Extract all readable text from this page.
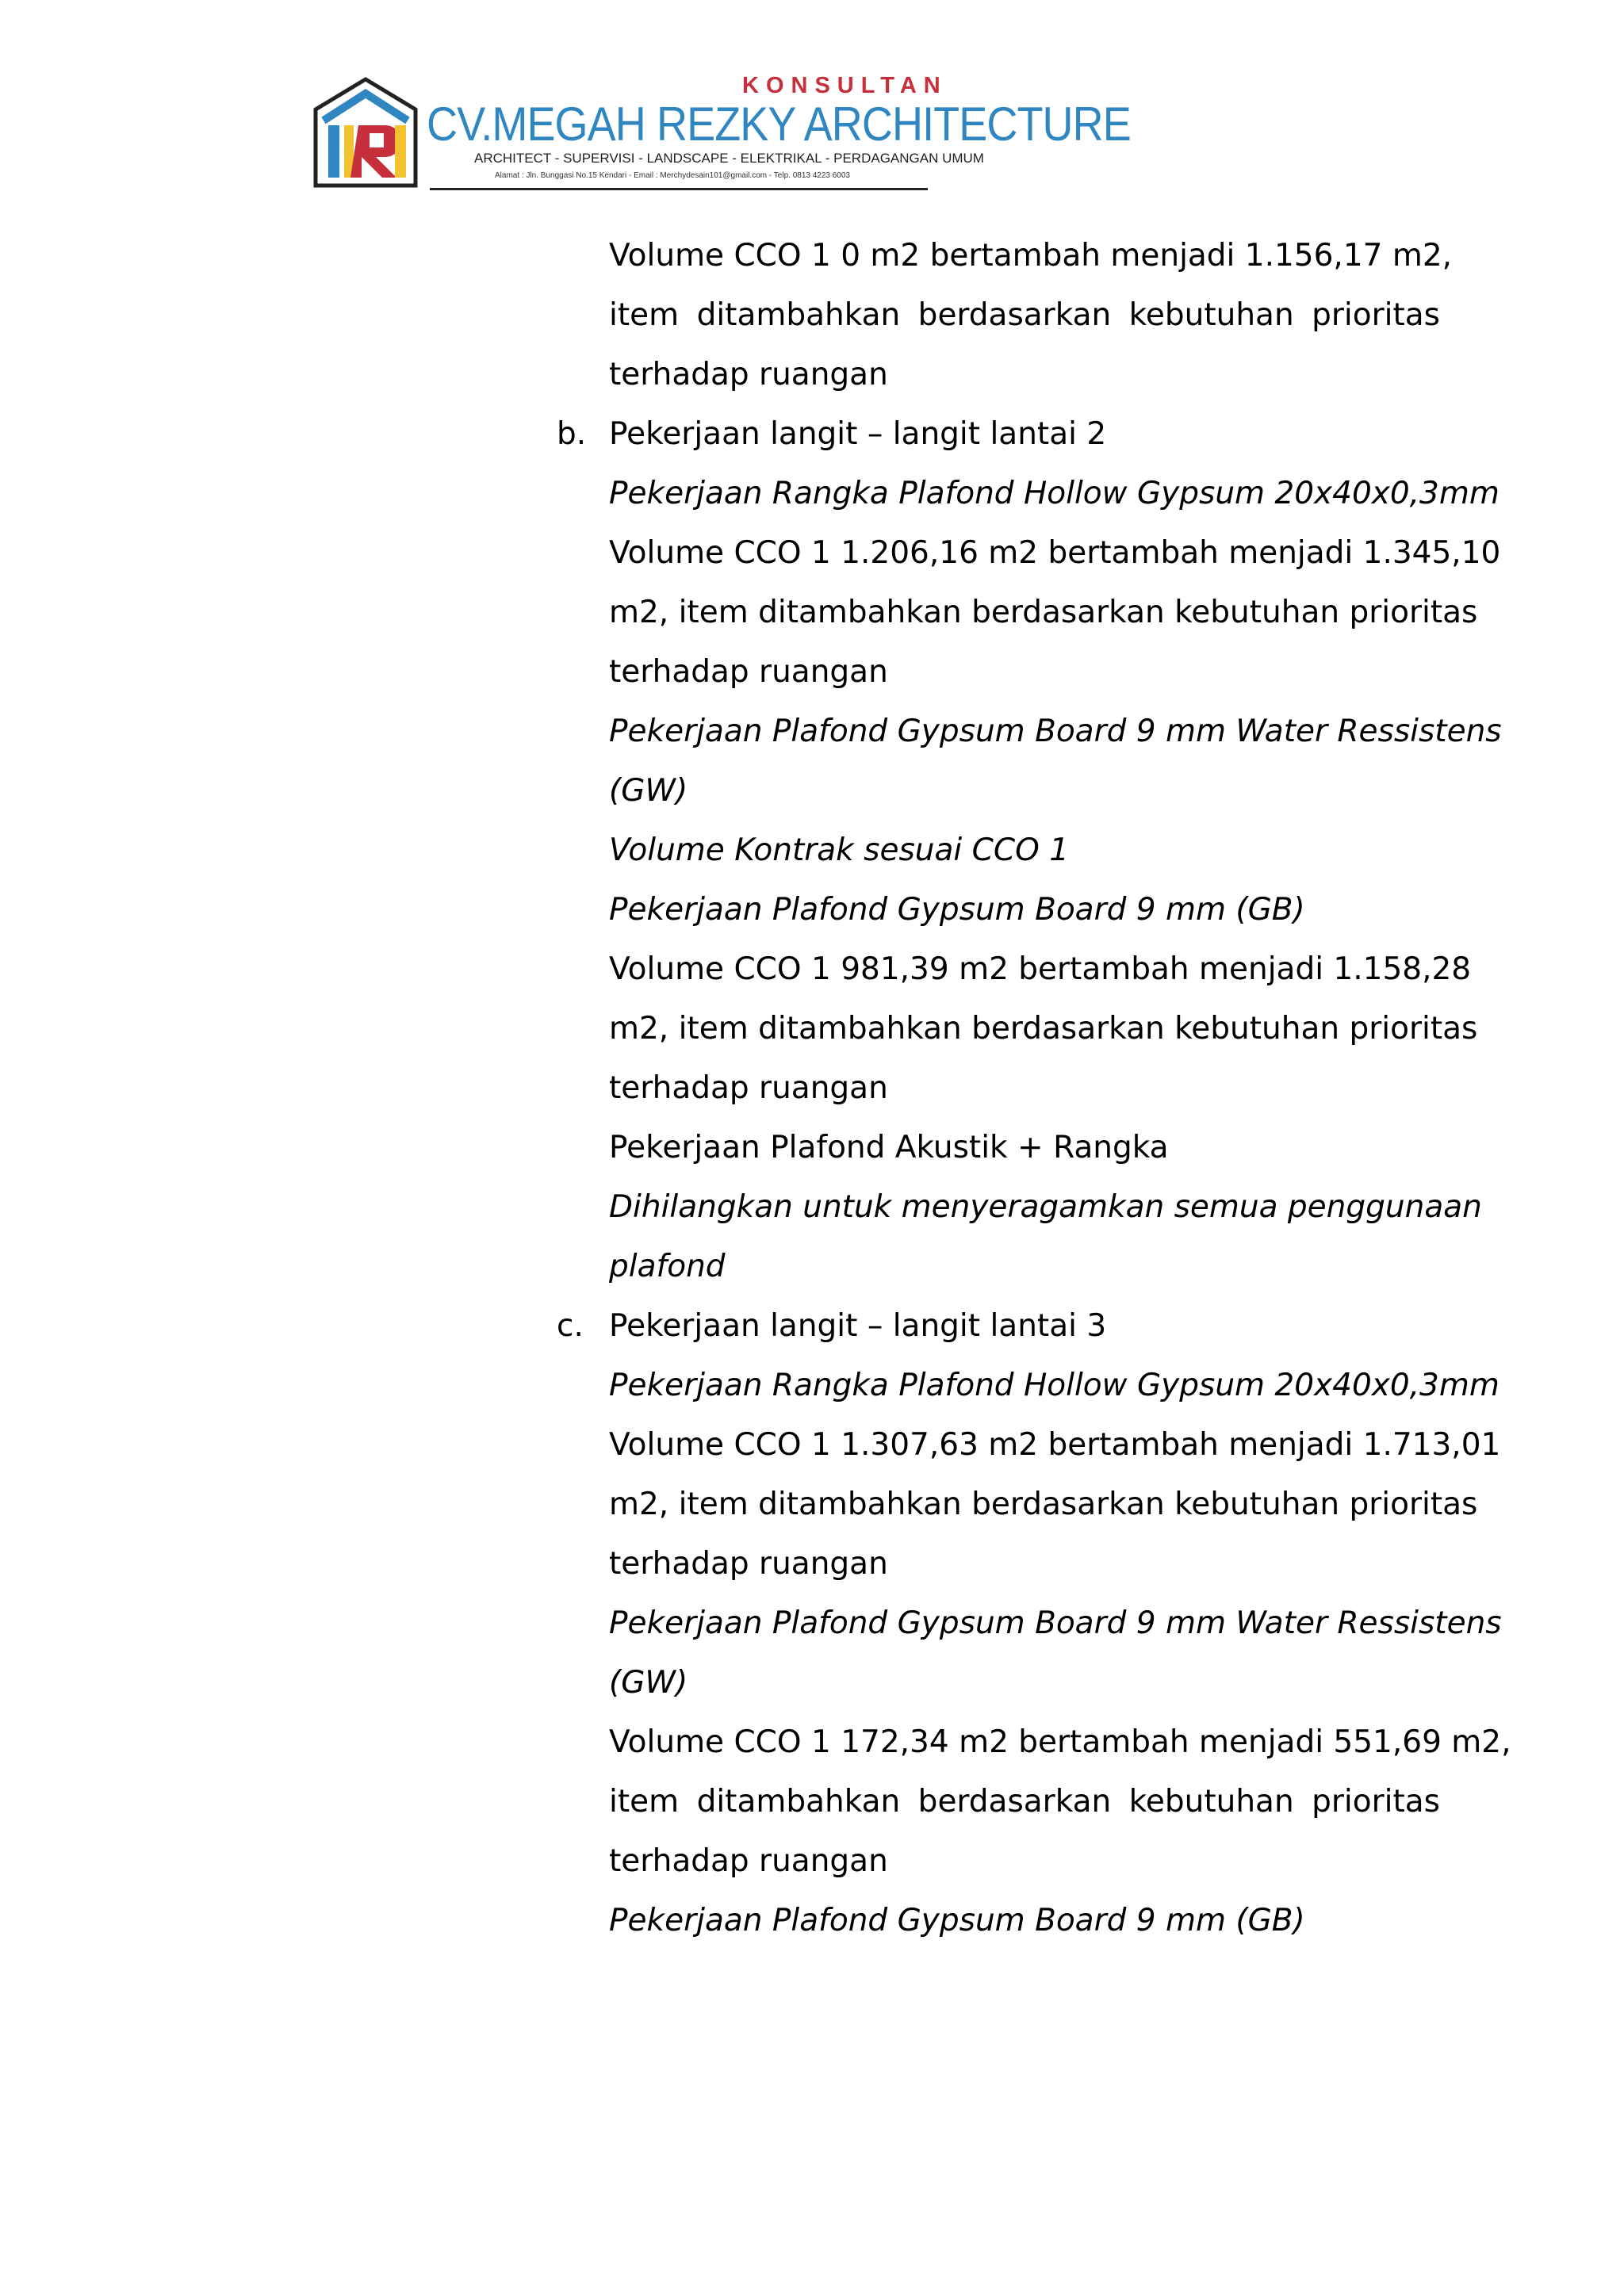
KONSULTAN
CV.MEGAH REZKY ARCHITECTURE
ARCHITECT - SUPERVISI - LANDSCAPE - ELEKTRIKAL - PERDAGANGAN UMUM
Alamat : Jln. Bunggasi No.15 Kendari - Email : Merchydesain101@gmail.com - Telp. 0813 4223 6003
Volume CCO 1 0 m2 bertambah menjadi 1.156,17 m2,
item ditambahkan berdasarkan kebutuhan prioritas
terhadap ruangan
b. Pekerjaan langit – langit lantai 2
Pekerjaan Rangka Plafond Hollow Gypsum 20x40x0,3mm
Volume CCO 1 1.206,16 m2 bertambah menjadi 1.345,10
m2, item ditambahkan berdasarkan kebutuhan prioritas
terhadap ruangan
Pekerjaan Plafond Gypsum Board 9 mm Water Ressistens
(GW)
Volume Kontrak sesuai CCO 1
Pekerjaan Plafond Gypsum Board 9 mm (GB)
Volume CCO 1 981,39 m2 bertambah menjadi 1.158,28
m2, item ditambahkan berdasarkan kebutuhan prioritas
terhadap ruangan
Pekerjaan Plafond Akustik + Rangka
Dihilangkan untuk menyeragamkan semua penggunaan
plafond
c. Pekerjaan langit – langit lantai 3
Pekerjaan Rangka Plafond Hollow Gypsum 20x40x0,3mm
Volume CCO 1 1.307,63 m2 bertambah menjadi 1.713,01
m2, item ditambahkan berdasarkan kebutuhan prioritas
terhadap ruangan
Pekerjaan Plafond Gypsum Board 9 mm Water Ressistens
(GW)
Volume CCO 1 172,34 m2 bertambah menjadi 551,69 m2,
item ditambahkan berdasarkan kebutuhan prioritas
terhadap ruangan
Pekerjaan Plafond Gypsum Board 9 mm (GB)
